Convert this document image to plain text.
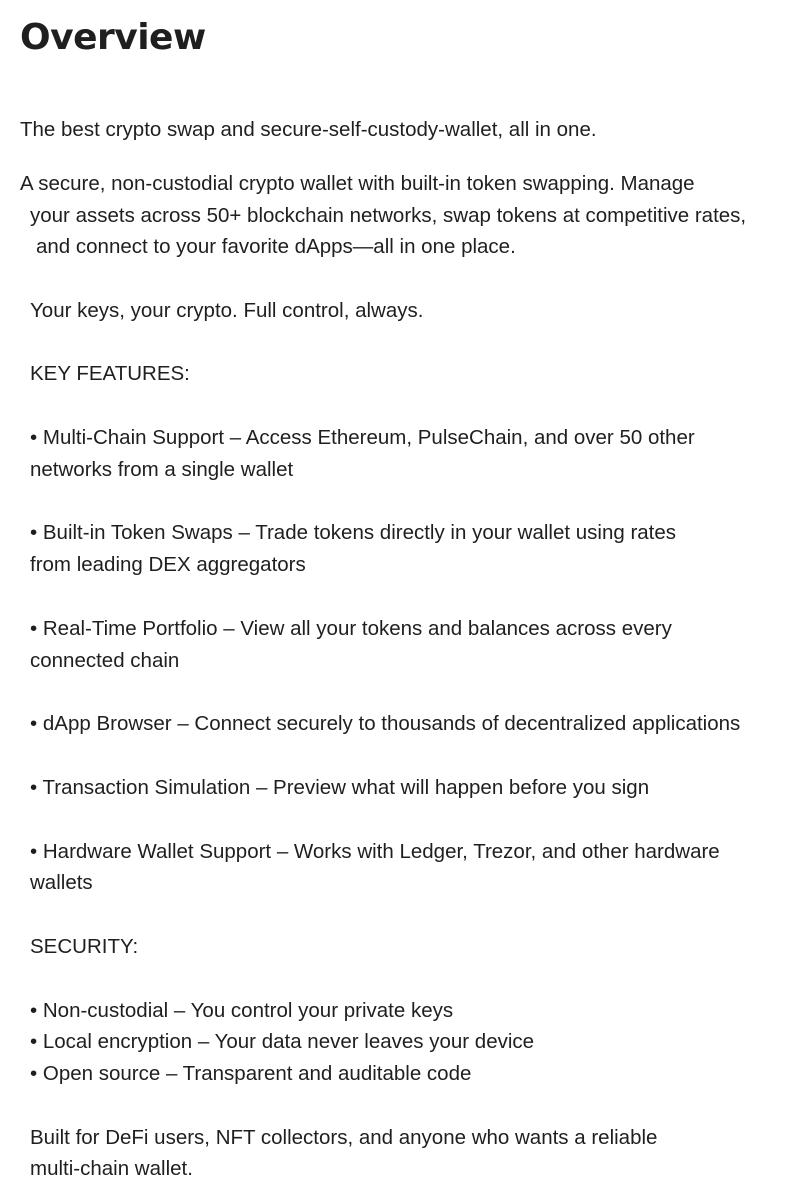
Overview
The best crypto swap and secure-self-custody-wallet, all in one.
A secure, non-custodial crypto wallet with built-in token swapping. Manage
your assets across 50+ blockchain networks, swap tokens at competitive rates,
and connect to your favorite dApps—all in one place.
Your keys, your crypto. Full control, always.
KEY FEATURES:
• Multi-Chain Support – Access Ethereum, PulseChain, and over 50 other
networks from a single wallet
• Built-in Token Swaps – Trade tokens directly in your wallet using rates
from leading DEX aggregators
• Real-Time Portfolio – View all your tokens and balances across every
connected chain
• dApp Browser – Connect securely to thousands of decentralized applications
• Transaction Simulation – Preview what will happen before you sign
• Hardware Wallet Support – Works with Ledger, Trezor, and other hardware
wallets
SECURITY:
• Non-custodial – You control your private keys
• Local encryption – Your data never leaves your device
• Open source – Transparent and auditable code
Built for DeFi users, NFT collectors, and anyone who wants a reliable
multi-chain wallet.
